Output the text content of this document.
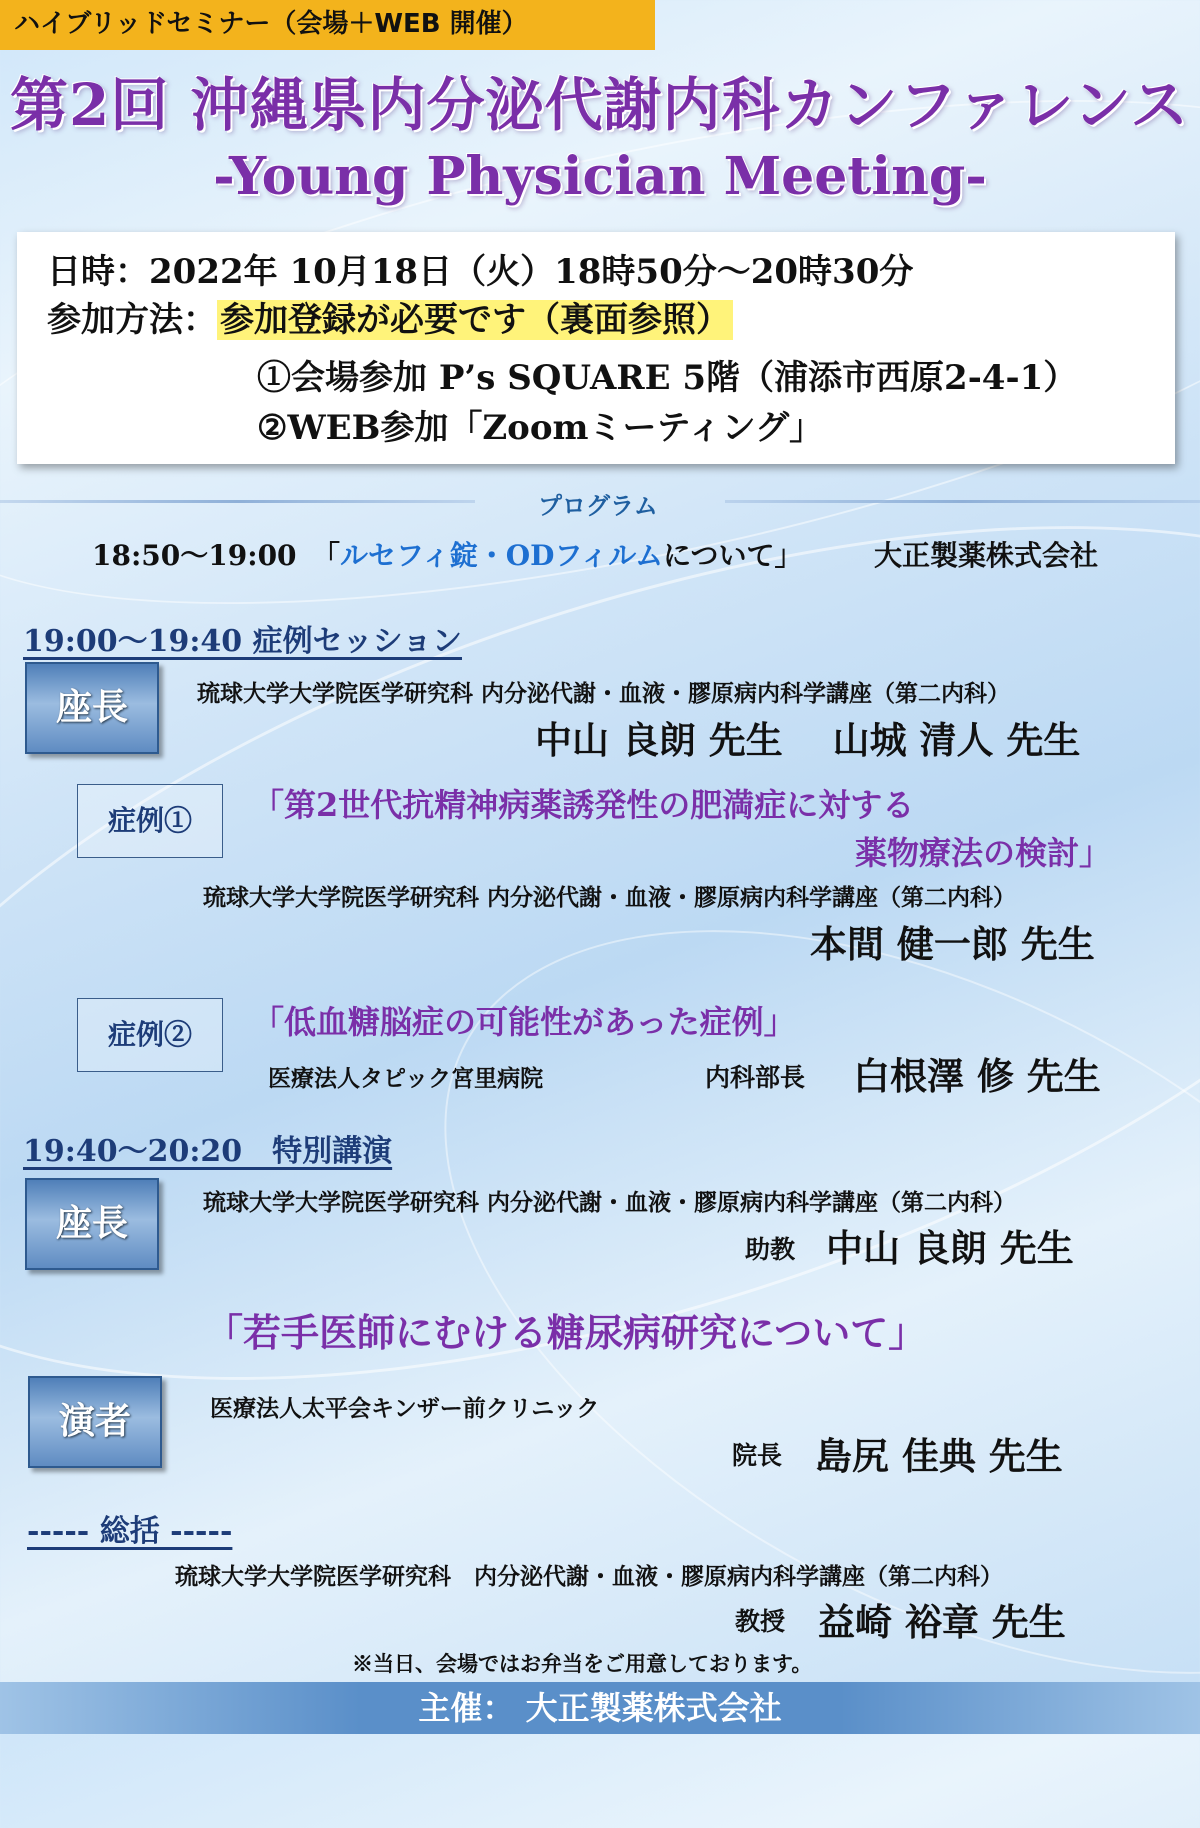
ハイブリッドセミナー（会場＋WEB 開催）
第2回 沖縄県内分泌代謝内科カンファレンス
-Young Physician Meeting-
日時：2022年 10月18日（火）18時50分～20時30分
参加方法：参加登録が必要です（裏面参照）
①会場参加 P’s SQUARE 5階（浦添市西原2-4-1）
②WEB参加「Zoomミーティング」
プログラム
18:50～19:00 「ルセフィ錠・ODフィルムについて」	大正製薬株式会社
19:00～19:40 症例セッション
座長	琉球大学大学院医学研究科 内分泌代謝・血液・膠原病内科学講座（第二内科）
中山 良朗 先生　 山城 清人 先生
症例①	「第2世代抗精神病薬誘発性の肥満症に対する
薬物療法の検討」
琉球大学大学院医学研究科 内分泌代謝・血液・膠原病内科学講座（第二内科）
本間 健一郎 先生
症例②	「低血糖脳症の可能性があった症例」
医療法人タピック宮里病院	内科部長 白根澤 修 先生
19:40～20:20　特別講演
座長	琉球大学大学院医学研究科 内分泌代謝・血液・膠原病内科学講座（第二内科）
助教 中山 良朗 先生
「若手医師にむける糖尿病研究について」
演者	医療法人太平会キンザー前クリニック
院長 島尻 佳典 先生
----- 総括 -----
琉球大学大学院医学研究科　内分泌代謝・血液・膠原病内科学講座（第二内科）
教授 益崎 裕章 先生
※当日、会場ではお弁当をご用意しております。
主催： 大正製薬株式会社
